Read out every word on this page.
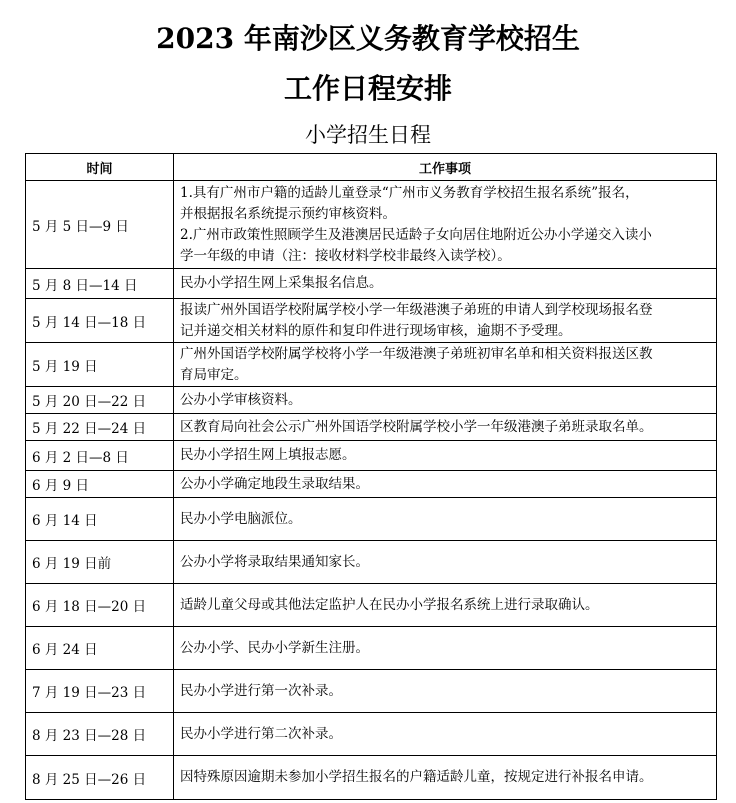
2023 年南沙区义务教育学校招生
工作日程安排
小学招生日程
时间	工作事项
5 月 5 日—9 日	1.具有广州市户籍的适龄儿童登录“广州市义务教育学校招生报名系统”报名，
并根据报名系统提示预约审核资料。
2.广州市政策性照顾学生及港澳居民适龄子女向居住地附近公办小学递交入读小
学一年级的申请（注：接收材料学校非最终入读学校）。

5 月 8 日—14 日	民办小学招生网上采集报名信息。

5 月 14 日—18 日	报读广州外国语学校附属学校小学一年级港澳子弟班的申请人到学校现场报名登
记并递交相关材料的原件和复印件进行现场审核，逾期不予受理。

5 月 19 日	广州外国语学校附属学校将小学一年级港澳子弟班初审名单和相关资料报送区教
育局审定。

5 月 20 日—22 日	公办小学审核资料。

5 月 22 日—24 日	区教育局向社会公示广州外国语学校附属学校小学一年级港澳子弟班录取名单。

6 月 2 日—8 日	民办小学招生网上填报志愿。

6 月 9 日	公办小学确定地段生录取结果。

6 月 14 日	民办小学电脑派位。

6 月 19 日前	公办小学将录取结果通知家长。

6 月 18 日—20 日	适龄儿童父母或其他法定监护人在民办小学报名系统上进行录取确认。

6 月 24 日	公办小学、民办小学新生注册。

7 月 19 日—23 日	民办小学进行第一次补录。

8 月 23 日—28 日	民办小学进行第二次补录。

8 月 25 日—26 日	因特殊原因逾期未参加小学招生报名的户籍适龄儿童，按规定进行补报名申请。
